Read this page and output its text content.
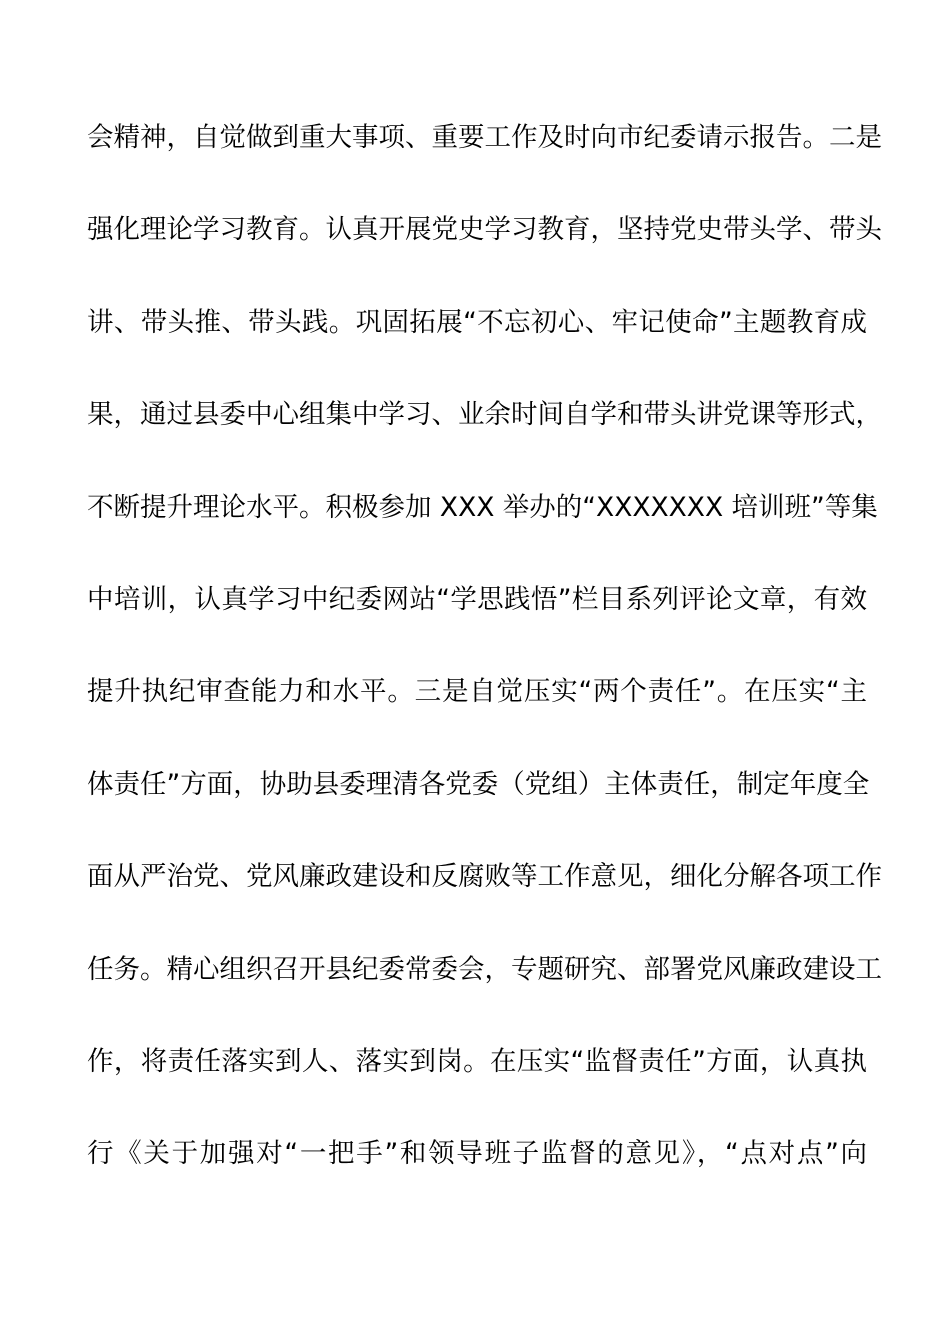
会精神，自觉做到重大事项、重要工作及时向市纪委请示报告。二是
强化理论学习教育。认真开展党史学习教育，坚持党史带头学、带头
讲、带头推、带头践。巩固拓展“不忘初心、牢记使命”主题教育成
果，通过县委中心组集中学习、业余时间自学和带头讲党课等形式，
不断提升理论水平。积极参加 XXX 举办的“XXXXXXX 培训班”等集
中培训，认真学习中纪委网站“学思践悟”栏目系列评论文章，有效
提升执纪审查能力和水平。三是自觉压实“两个责任”。在压实“主
体责任”方面，协助县委理清各党委（党组）主体责任，制定年度全
面从严治党、党风廉政建设和反腐败等工作意见，细化分解各项工作
任务。精心组织召开县纪委常委会，专题研究、部署党风廉政建设工
作，将责任落实到人、落实到岗。在压实“监督责任”方面，认真执
行《关于加强对“一把手”和领导班子监督的意见》，“点对点”向
